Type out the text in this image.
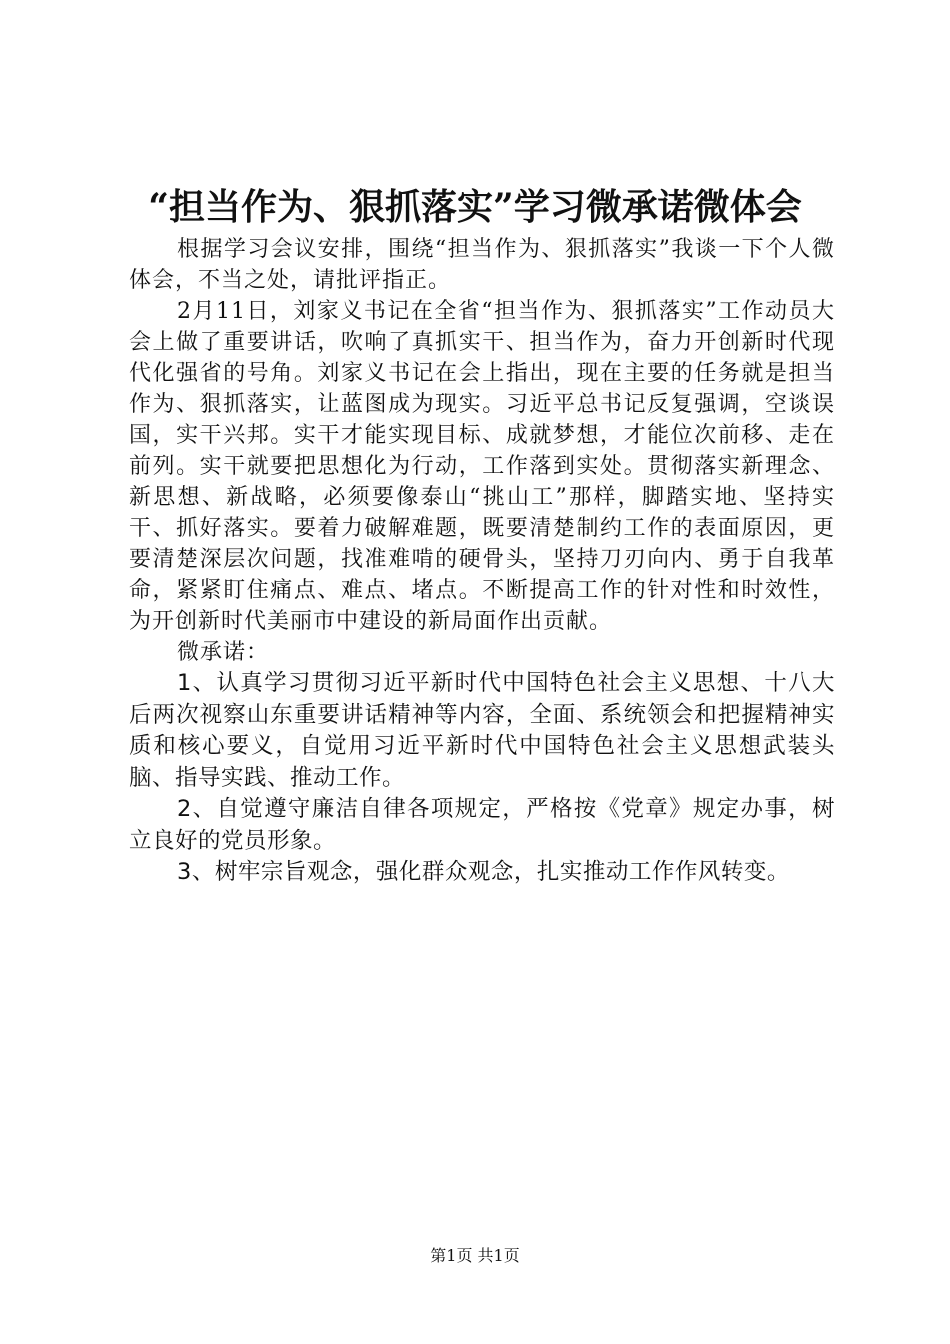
“担当作为、狠抓落实”学习微承诺微体会

根据学习会议安排，围绕“担当作为、狠抓落实”我谈一下个人微体会，不当之处，请批评指正。

2月11日，刘家义书记在全省“担当作为、狠抓落实”工作动员大会上做了重要讲话，吹响了真抓实干、担当作为，奋力开创新时代现代化强省的号角。刘家义书记在会上指出，现在主要的任务就是担当作为、狠抓落实，让蓝图成为现实。习近平总书记反复强调，空谈误国，实干兴邦。实干才能实现目标、成就梦想，才能位次前移、走在前列。实干就要把思想化为行动，工作落到实处。贯彻落实新理念、新思想、新战略，必须要像泰山“挑山工”那样，脚踏实地、坚持实干、抓好落实。要着力破解难题，既要清楚制约工作的表面原因，更要清楚深层次问题，找准难啃的硬骨头，坚持刀刃向内、勇于自我革命，紧紧盯住痛点、难点、堵点。不断提高工作的针对性和时效性，为开创新时代美丽市中建设的新局面作出贡献。

微承诺：

1、认真学习贯彻习近平新时代中国特色社会主义思想、十八大后两次视察山东重要讲话精神等内容，全面、系统领会和把握精神实质和核心要义，自觉用习近平新时代中国特色社会主义思想武装头脑、指导实践、推动工作。

2、自觉遵守廉洁自律各项规定，严格按《党章》规定办事，树立良好的党员形象。

3、树牢宗旨观念，强化群众观念，扎实推动工作作风转变。

第1页 共1页
